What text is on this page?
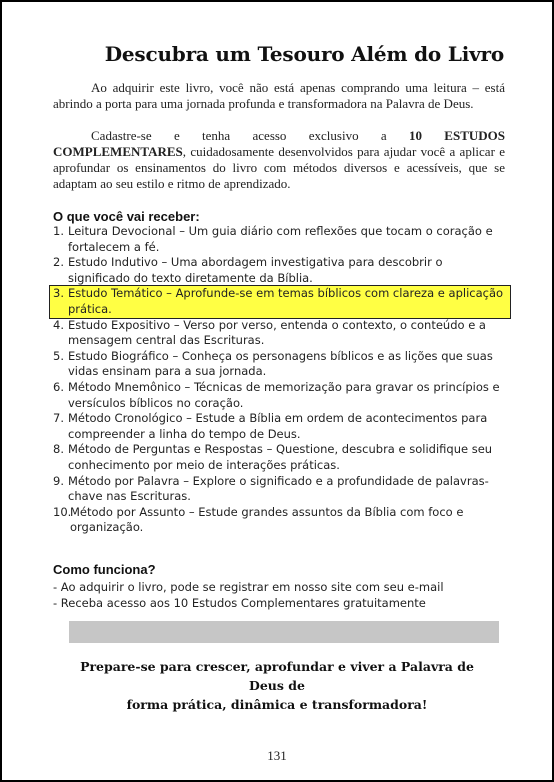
Descubra um Tesouro Além do Livro
Ao adquirir este livro, você não está apenas comprando uma leitura – está abrindo a porta para uma jornada profunda e transformadora na Palavra de Deus.
Cadastre-se e tenha acesso exclusivo a 10 ESTUDOS COMPLEMENTARES, cuidadosamente desenvolvidos para ajudar você a aplicar e aprofundar os ensinamentos do livro com métodos diversos e acessíveis, que se adaptam ao seu estilo e ritmo de aprendizado.
O que você vai receber:
1. Leitura Devocional – Um guia diário com reflexões que tocam o coração e fortalecem a fé.
2. Estudo Indutivo – Uma abordagem investigativa para descobrir o significado do texto diretamente da Bíblia.
3. Estudo Temático – Aprofunde-se em temas bíblicos com clareza e aplicação prática.
4. Estudo Expositivo – Verso por verso, entenda o contexto, o conteúdo e a mensagem central das Escrituras.
5. Estudo Biográfico – Conheça os personagens bíblicos e as lições que suas vidas ensinam para a sua jornada.
6. Método Mnemônico – Técnicas de memorização para gravar os princípios e versículos bíblicos no coração.
7. Método Cronológico – Estude a Bíblia em ordem de acontecimentos para compreender a linha do tempo de Deus.
8. Método de Perguntas e Respostas – Questione, descubra e solidifique seu conhecimento por meio de interações práticas.
9. Método por Palavra – Explore o significado e a profundidade de palavras-chave nas Escrituras.
10.
Método por Assunto – Estude grandes assuntos da Bíblia com foco e organização.
Como funciona?
- Ao adquirir o livro, pode se registrar em nosso site com seu e-mail
- Receba acesso aos 10 Estudos Complementares gratuitamente
Prepare-se para crescer, aprofundar e viver a Palavra de Deus de
forma prática, dinâmica e transformadora!
131
